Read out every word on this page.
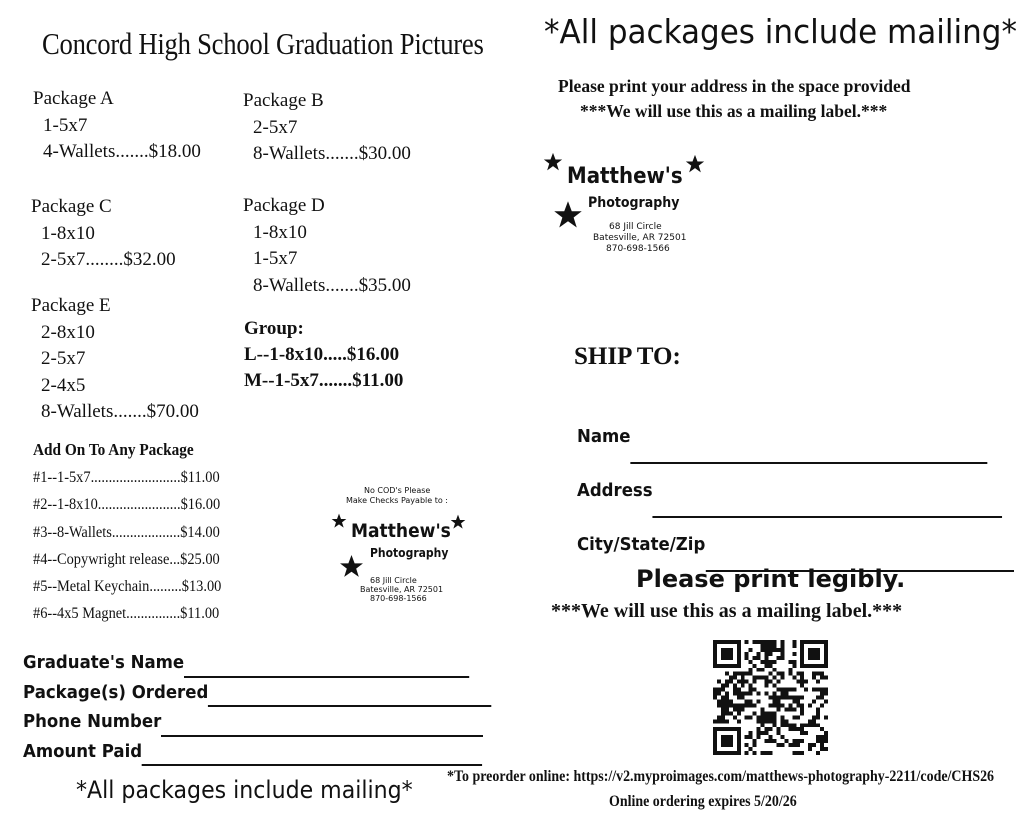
Concord High School Graduation Pictures
Package A
1-5x7
4-Wallets.......$18.00
Package B
2-5x7
8-Wallets.......$30.00
Package C
1-8x10
2-5x7........$32.00
Package D
1-8x10
1-5x7
8-Wallets.......$35.00
Package E
2-8x10
2-5x7
2-4x5
8-Wallets.......$70.00
Group:
L--1-8x10.....$16.00
M--1-5x7.......$11.00
Add On To Any Package
#1--1-5x7.........................$11.00
#2--1-8x10.......................$16.00
#3--8-Wallets...................$14.00
#4--Copywright release...$25.00
#5--Metal Keychain.........$13.00
#6--4x5 Magnet...............$11.00
No COD's Please
Make Checks Payable to :
Matthew's
Photography
68 Jill Circle
Batesville, AR 72501
870-698-1566
Graduate's Name
Package(s) Ordered
Phone Number
Amount Paid
*All packages include mailing*
*All packages include mailing*
Please print your address in the space provided
***We will use this as a mailing label.***
Matthew's
Photography
68 Jill Circle
Batesville, AR 72501
870-698-1566
SHIP TO:
Name
Address
City/State/Zip
Please print legibly.
***We will use this as a mailing label.***
*To preorder online: https://v2.myproimages.com/matthews-photography-2211/code/CHS26
Online ordering expires 5/20/26
